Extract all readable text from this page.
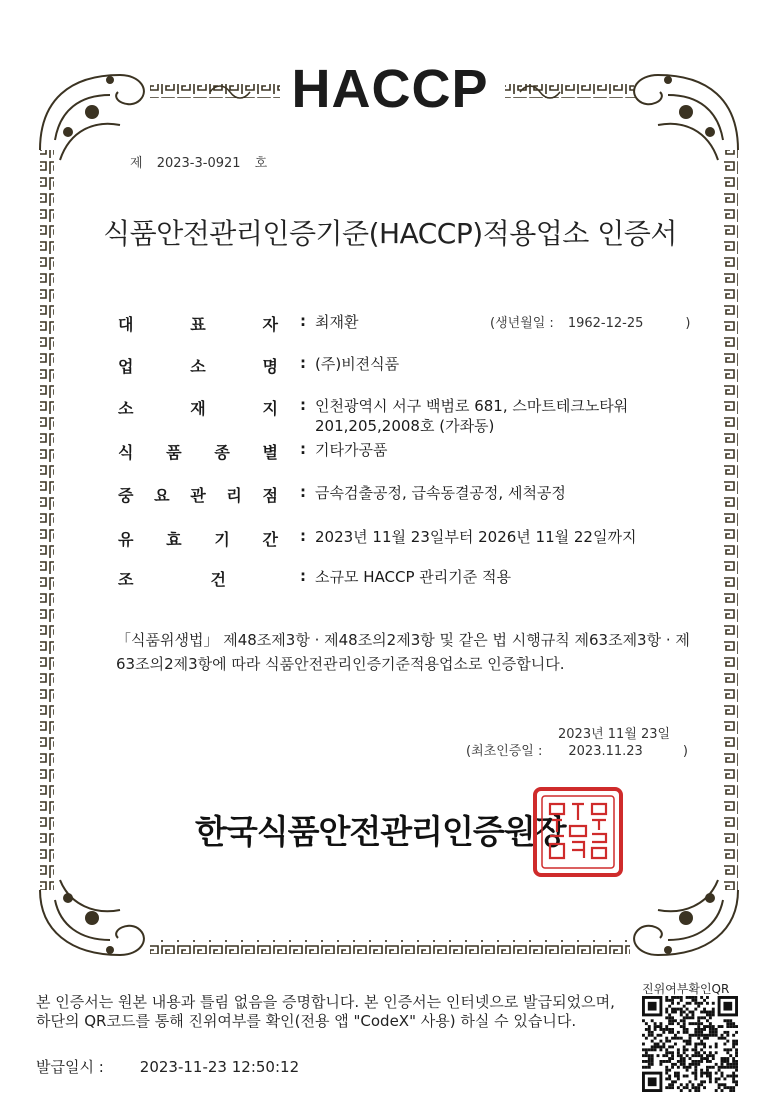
HACCP
제 2023-3-0921 호
식품안전관리인증기준(HACCP)적용업소 인증서
대	표	자 : 최재환	(생년월일 : 1962-12-25	)
업	소	명 : (주)비젼식품
소	재	지 : 인천광역시 서구 백범로 681, 스마트테크노타워
201,205,2008호 (가좌동)
식 품 종 별 : 기타가공품
중 요 관 리 점 : 금속검출공정, 급속동결공정, 세척공정
유 효 기 간 : 2023년 11월 23일부터 2026년 11월 22일까지
조	건	: 소규모 HACCP 관리기준 적용
「식품위생법」 제48조제3항 · 제48조의2제3항 및 같은 법 시행규칙 제63조제3항 · 제63조의2제3항에 따라 식품안전관리인증기준적용업소로 인증합니다.
2023년 11월 23일
(최초인증일 : 2023.11.23	)
한국식품안전관리인증원장
본 인증서는 원본 내용과 틀림 없음을 증명합니다. 본 인증서는 인터넷으로 발급되었으며, 하단의 QR코드를 통해 진위여부를 확인(전용 앱 "CodeX" 사용) 하실 수 있습니다.
발급일시 : 2023-11-23 12:50:12
진위여부확인QR
